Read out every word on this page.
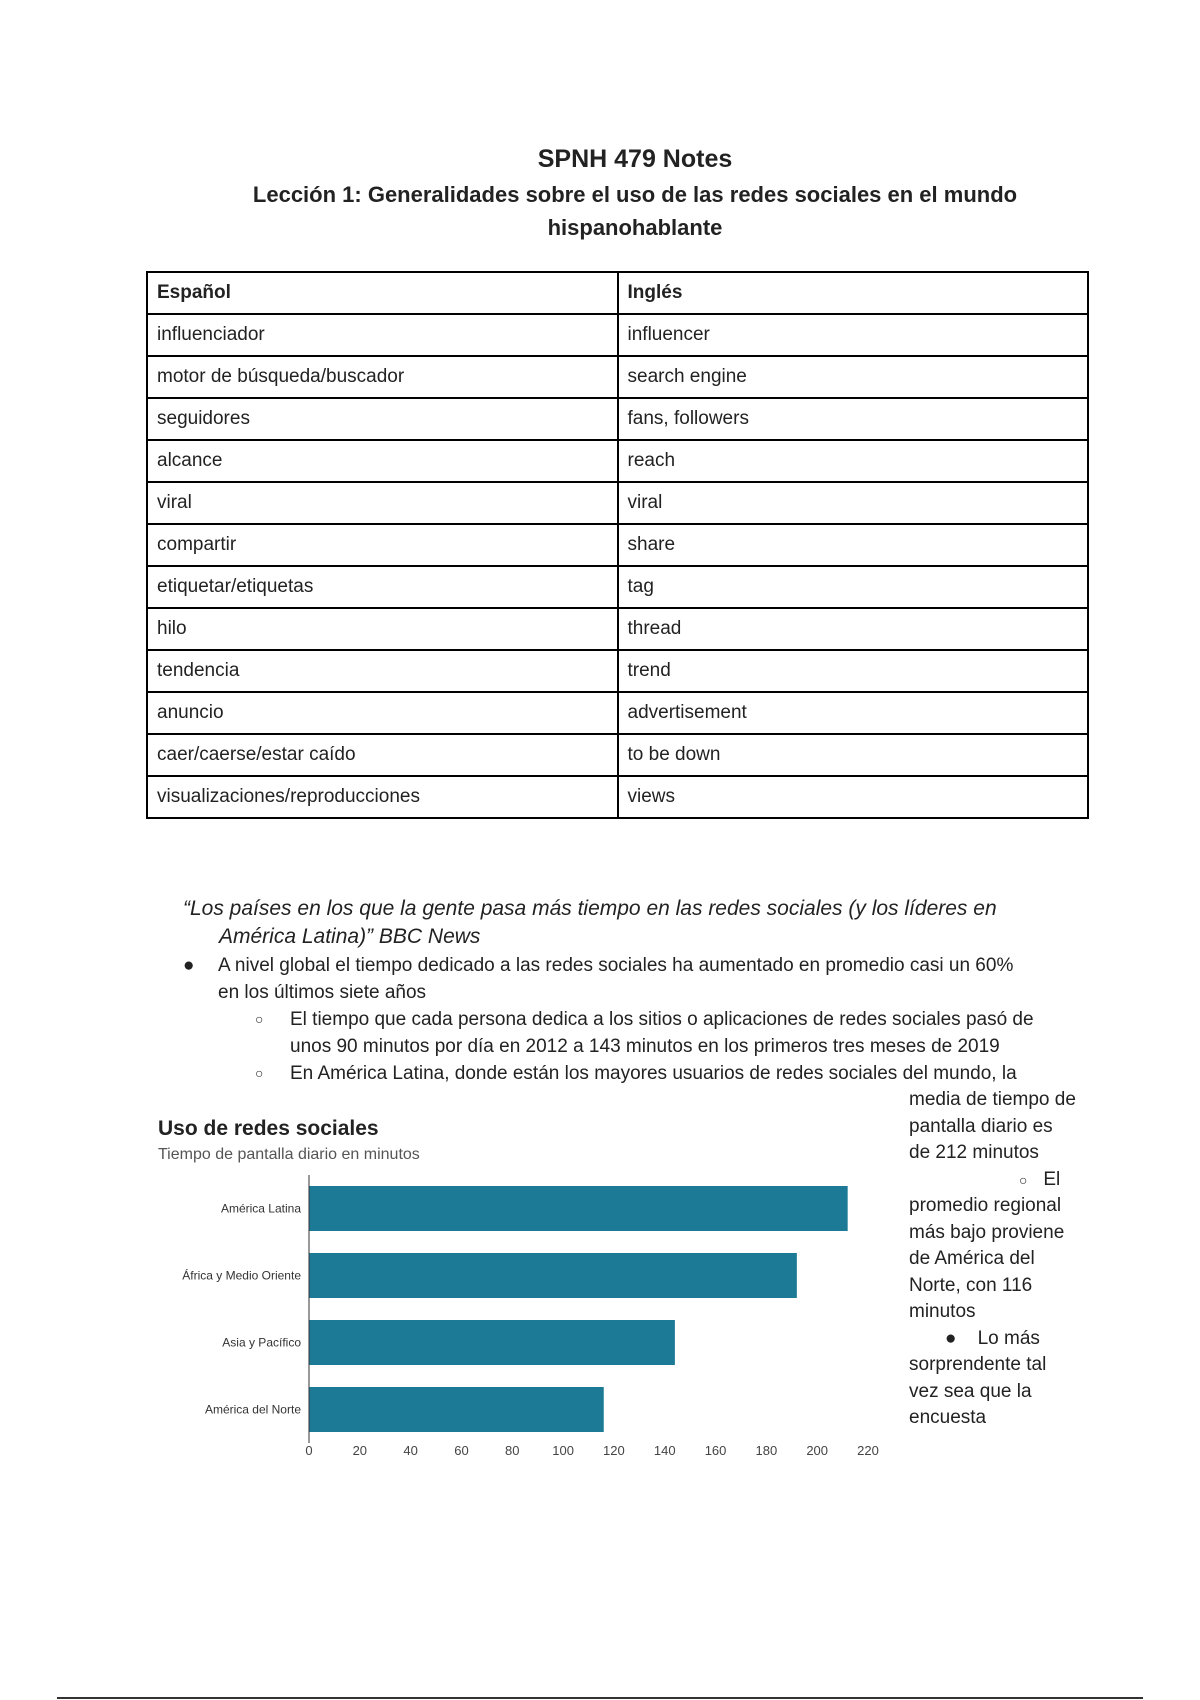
SPNH 479 Notes
Lección 1: Generalidades sobre el uso de las redes sociales en el mundo hispanohablante
Español	Inglés
influenciador	influencer
motor de búsqueda/buscador	search engine
seguidores	fans, followers
alcance	reach
viral	viral
compartir	share
etiquetar/etiquetas	tag
hilo	thread
tendencia	trend
anuncio	advertisement
caer/caerse/estar caído	to be down
visualizaciones/reproducciones	views

“Los países en los que la gente pasa más tiempo en las redes sociales (y los líderes en
América Latina)” BBC News

●	A nivel global el tiempo dedicado a las redes sociales ha aumentado en promedio casi un 60%
en los últimos siete años
○	El tiempo que cada persona dedica a los sitios o aplicaciones de redes sociales pasó de
unos 90 minutos por día en 2012 a 143 minutos en los primeros tres meses de 2019
○	En América Latina, donde están los mayores usuarios de redes sociales del mundo, la

media de tiempo de

pantalla diario es

de 212 minutos

○ El

promedio regional

más bajo proviene

de América del

Norte, con 116

minutos

● Lo más

sorprendente tal

vez sea que la

encuesta

Uso de redes sociales
Tiempo de pantalla diario en minutos
América Latina
África y Medio Oriente
Asia y Pacífico
América del Norte
0	20	40	60	80	100 120 140 160 180 200 220
